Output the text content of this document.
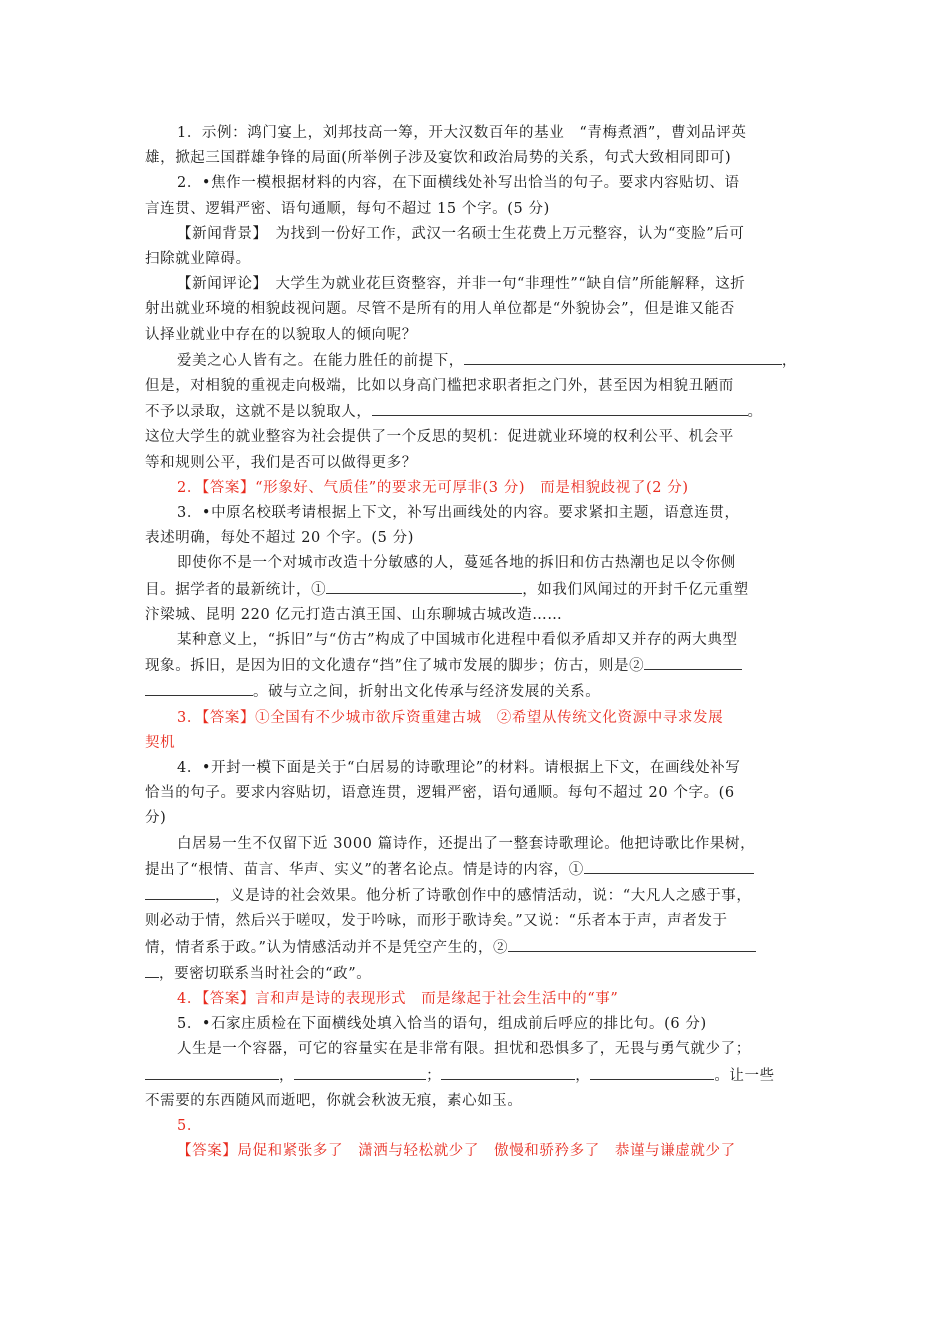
1．示例：鸿门宴上，刘邦技高一筹，开大汉数百年的基业　“青梅煮酒”，曹刘品评英

雄，掀起三国群雄争锋的局面(所举例子涉及宴饮和政治局势的关系，句式大致相同即可)

2．•焦作一模根据材料的内容，在下面横线处补写出恰当的句子。要求内容贴切、语

言连贯、逻辑严密、语句通顺，每句不超过 15 个字。(5 分)

【新闻背景】　为找到一份好工作，武汉一名硕士生花费上万元整容，认为“变脸”后可

扫除就业障碍。

【新闻评论】　大学生为就业花巨资整容，并非一句“非理性”“缺自信”所能解释，这折

射出就业环境的相貌歧视问题。尽管不是所有的用人单位都是“外貌协会”，但是谁又能否

认择业就业中存在的以貌取人的倾向呢？

爱美之心人皆有之。在能力胜任的前提下，	，

但是，对相貌的重视走向极端，比如以身高门槛把求职者拒之门外，甚至因为相貌丑陋而

不予以录取，这就不是以貌取人，	。

这位大学生的就业整容为社会提供了一个反思的契机：促进就业环境的权利公平、机会平

等和规则公平，我们是否可以做得更多？

2．【答案】“形象好、气质佳”的要求无可厚非(3 分)　而是相貌歧视了(2 分)

3．•中原名校联考请根据上下文，补写出画线处的内容。要求紧扣主题，语意连贯，

表述明确，每处不超过 20 个字。(5 分)

即使你不是一个对城市改造十分敏感的人，蔓延各地的拆旧和仿古热潮也足以令你侧

目。据学者的最新统计，①	，如我们风闻过的开封千亿元重塑

汴梁城、昆明 220 亿元打造古滇王国、山东聊城古城改造……

某种意义上，“拆旧”与“仿古”构成了中国城市化进程中看似矛盾却又并存的两大典型

现象。拆旧，是因为旧的文化遗存“挡”住了城市发展的脚步；仿古，则是②

。破与立之间，折射出文化传承与经济发展的关系。

3．【答案】①全国有不少城市欲斥资重建古城　②希望从传统文化资源中寻求发展

契机

4．•开封一模下面是关于“白居易的诗歌理论”的材料。请根据上下文，在画线处补写

恰当的句子。要求内容贴切，语意连贯，逻辑严密，语句通顺。每句不超过 20 个字。(6

分)

白居易一生不仅留下近 3000 篇诗作，还提出了一整套诗歌理论。他把诗歌比作果树，

提出了“根情、苗言、华声、实义”的著名论点。情是诗的内容，①

，义是诗的社会效果。他分析了诗歌创作中的感情活动，说：“大凡人之感于事，

则必动于情，然后兴于嗟叹，发于吟咏，而形于歌诗矣。”又说：“乐者本于声，声者发于

情，情者系于政。”认为情感活动并不是凭空产生的，②

，要密切联系当时社会的“政”。

4．【答案】言和声是诗的表现形式　而是缘起于社会生活中的“事”

5．•石家庄质检在下面横线处填入恰当的语句，组成前后呼应的排比句。(6 分)

人生是一个容器，可它的容量实在是非常有限。担忧和恐惧多了，无畏与勇气就少了；

，	；	，	。让一些

不需要的东西随风而逝吧，你就会秋波无痕，素心如玉。

5．

【答案】局促和紧张多了　潇洒与轻松就少了　傲慢和骄矜多了　恭谨与谦虚就少了
